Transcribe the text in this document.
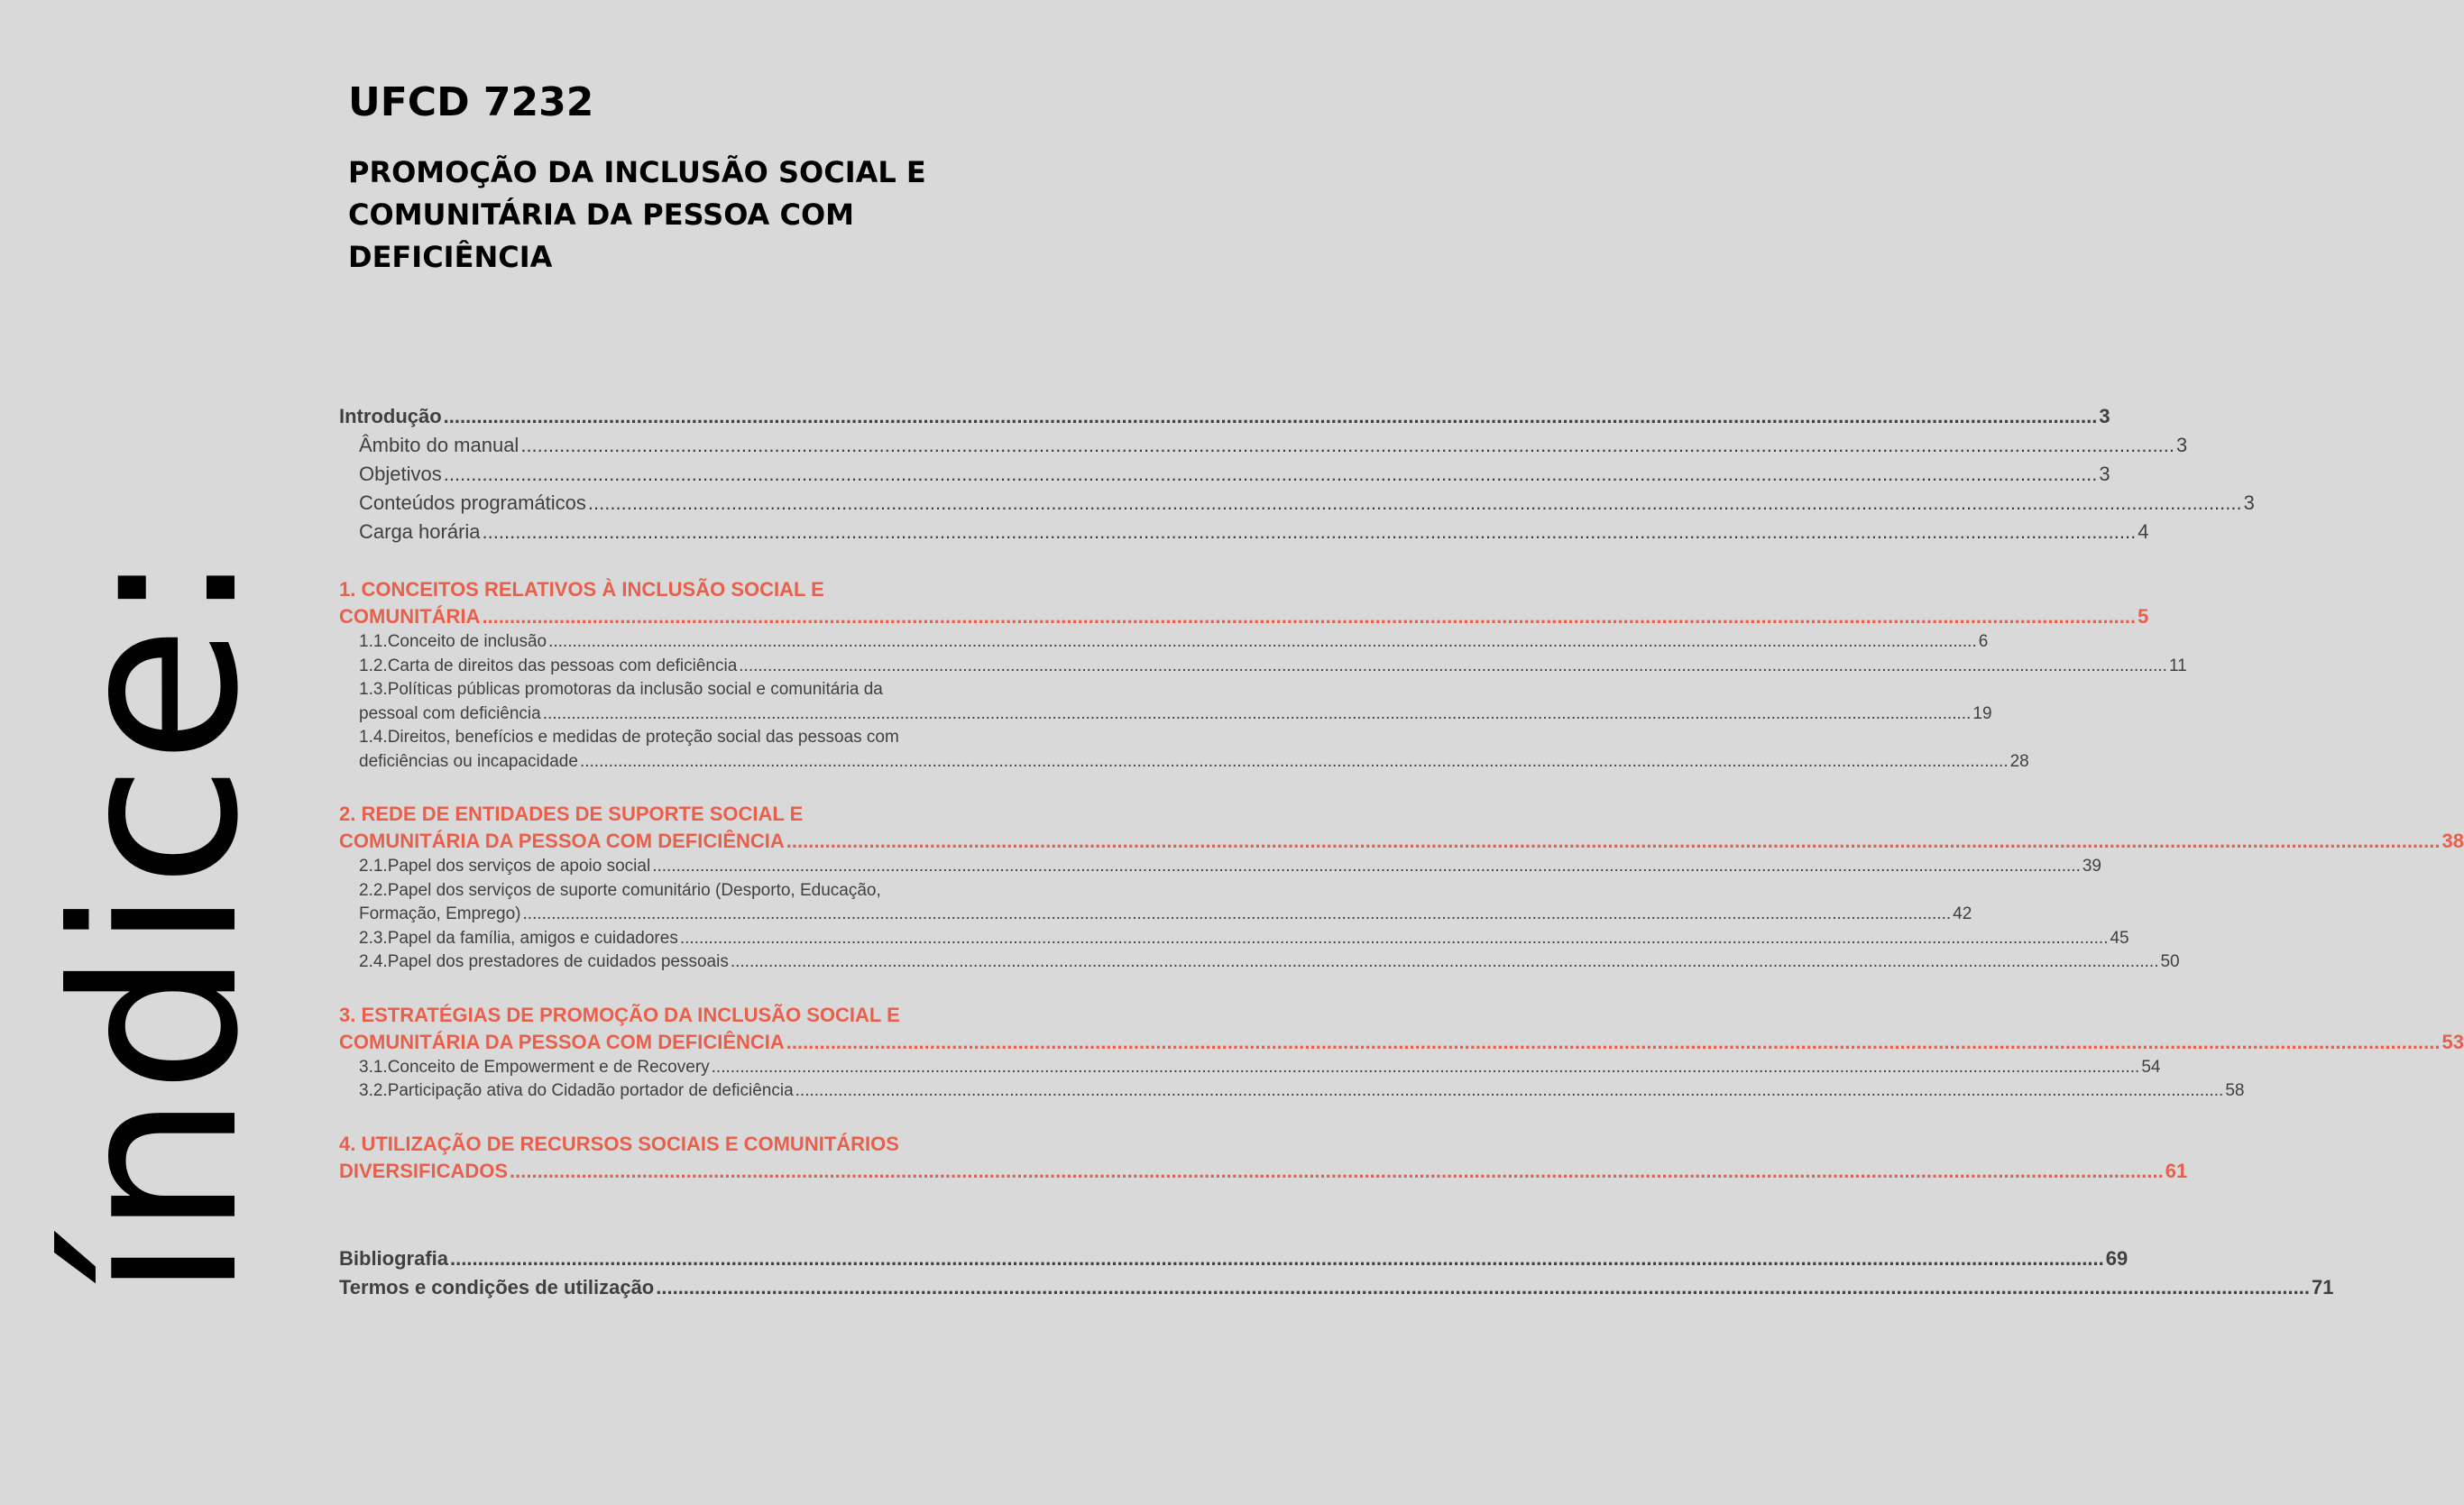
índice:
UFCD 7232
PROMOÇÃO DA INCLUSÃO SOCIAL E COMUNITÁRIA DA PESSOA COM DEFICIÊNCIA
Introdução ............................................................................................................................................................................................................................................................................................................ 3
Âmbito do manual ............................................................................................................................................................................................................................................................................................................ 3
Objetivos ............................................................................................................................................................................................................................................................................................................ 3
Conteúdos programáticos ............................................................................................................................................................................................................................................................................................................ 3
Carga horária ............................................................................................................................................................................................................................................................................................................ 4
1. CONCEITOS RELATIVOS À INCLUSÃO SOCIAL E
COMUNITÁRIA ............................................................................................................................................................................................................................................................................................................ 5
1.1.Conceito de inclusão ............................................................................................................................................................................................................................................................................................................ 6
1.2.Carta de direitos das pessoas com deficiência ............................................................................................................................................................................................................................................................................................................ 11
1.3.Políticas públicas promotoras da inclusão social e comunitária da
pessoal com deficiência ............................................................................................................................................................................................................................................................................................................ 19
1.4.Direitos, benefícios e medidas de proteção social das pessoas com
deficiências ou incapacidade ............................................................................................................................................................................................................................................................................................................ 28
2. REDE DE ENTIDADES DE SUPORTE SOCIAL E
COMUNITÁRIA DA PESSOA COM DEFICIÊNCIA ............................................................................................................................................................................................................................................................................................................ 38
2.1.Papel dos serviços de apoio social ............................................................................................................................................................................................................................................................................................................ 39
2.2.Papel dos serviços de suporte comunitário (Desporto, Educação,
Formação, Emprego) ............................................................................................................................................................................................................................................................................................................ 42
2.3.Papel da família, amigos e cuidadores ............................................................................................................................................................................................................................................................................................................ 45
2.4.Papel dos prestadores de cuidados pessoais ............................................................................................................................................................................................................................................................................................................ 50
3. ESTRATÉGIAS DE PROMOÇÃO DA INCLUSÃO SOCIAL E
COMUNITÁRIA DA PESSOA COM DEFICIÊNCIA ............................................................................................................................................................................................................................................................................................................ 53
3.1.Conceito de Empowerment e de Recovery ............................................................................................................................................................................................................................................................................................................ 54
3.2.Participação ativa do Cidadão portador de deficiência ............................................................................................................................................................................................................................................................................................................ 58
4. UTILIZAÇÃO DE RECURSOS SOCIAIS E COMUNITÁRIOS
DIVERSIFICADOS ............................................................................................................................................................................................................................................................................................................ 61
Bibliografia ............................................................................................................................................................................................................................................................................................................ 69
Termos e condições de utilização ............................................................................................................................................................................................................................................................................................................ 71
